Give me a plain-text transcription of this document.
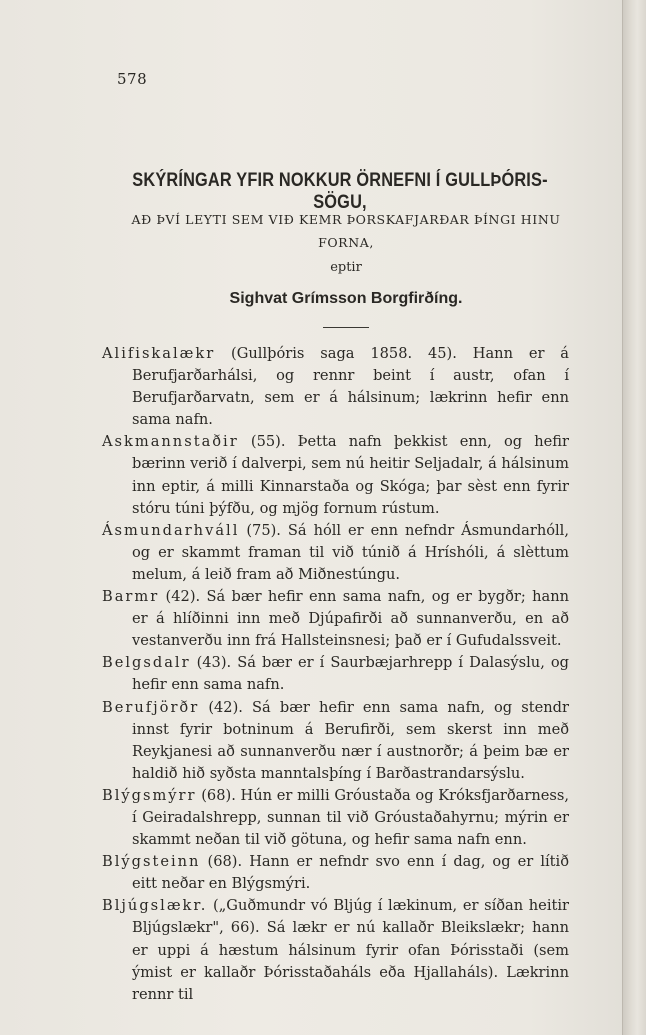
578
SKÝRÍNGAR YFIR NOKKUR ÖRNEFNI Í GULLÞÓRIS-SÖGU,
AÐ ÞVÍ LEYTI SEM VIÐ KEMR ÞORSKAFJARÐAR ÞÍNGI HINU
FORNA,
eptir
Sighvat Grímsson Borgfirðíng.

Alifiskalækr (Gullþóris saga 1858. 45). Hann er á Berufjarðarhálsi, og rennr beint í austr, ofan í Berufjarðarvatn, sem er á hálsinum; lækrinn hefir enn sama nafn.

Askmannstaðir (55). Þetta nafn þekkist enn, og hefir bærinn verið í dalverpi, sem nú heitir Seljadalr, á hálsinum inn eptir, á milli Kinnarstaða og Skóga; þar sèst enn fyrir stóru túni þýfðu, og mjög fornum rústum.

Ásmundarhváll (75). Sá hóll er enn nefndr Ásmundarhóll, og er skammt framan til við túnið á Hríshóli, á slèttum melum, á leið fram að Miðnestúngu.

Barmr (42). Sá bær hefir enn sama nafn, og er bygðr; hann er á hlíðinni inn með Djúpafirði að sunnanverðu, en að vestanverðu inn frá Hallsteinsnesi; það er í Gufudalssveit.

Belgsdalr (43). Sá bær er í Saurbæjarhrepp í Dalasýslu, og hefir enn sama nafn.

Berufjörðr (42). Sá bær hefir enn sama nafn, og stendr innst fyrir botninum á Berufirði, sem skerst inn með Reykjanesi að sunnanverðu nær í austnorðr; á þeim bæ er haldið hið syðsta manntalsþíng í Barðastrandarsýslu.

Blýgsmýrr (68). Hún er milli Gróustaða og Króksfjarðarness, í Geiradalshrepp, sunnan til við Gróustaðahyrnu; mýrin er skammt neðan til við götuna, og hefir sama nafn enn.

Blýgsteinn (68). Hann er nefndr svo enn í dag, og er lítið eitt neðar en Blýgsmýri.

Bljúgslækr. („Guðmundr vó Bljúg í lækinum, er síðan heitir Bljúgslækr", 66). Sá lækr er nú kallaðr Bleikslækr; hann er uppi á hæstum hálsinum fyrir ofan Þórisstaði (sem ýmist er kallaðr Þórisstaðaháls eða Hjallaháls). Lækrinn rennr til
